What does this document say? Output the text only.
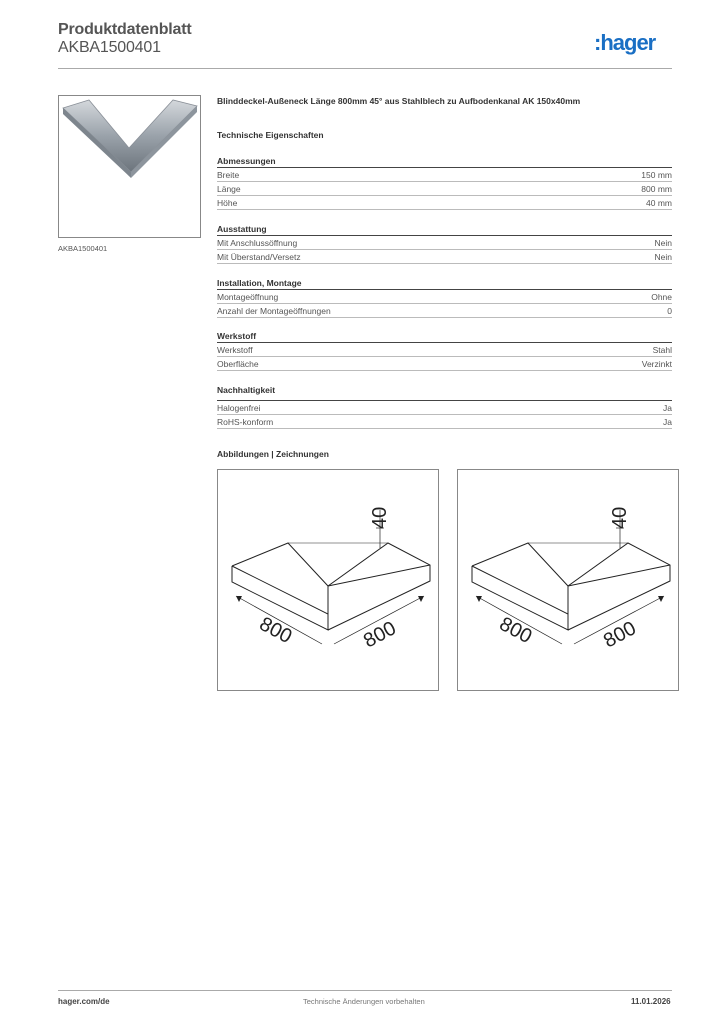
Produktdatenblatt
AKBA1500401	:hager
AKBA1500401
Blinddeckel-Außeneck Länge 800mm 45° aus Stahlblech zu Aufbodenkanal AK 150x40mm
Technische Eigenschaften
Abmessungen
Breite	150 mm
Länge	800 mm
Höhe	40 mm
Ausstattung
Mit Anschlussöffnung	Nein
Mit Überstand/Versetz	Nein
Installation, Montage
Montageöffnung	Ohne
Anzahl der Montageöffnungen	0
Werkstoff
Werkstoff	Stahl
Oberfläche	Verzinkt
Nachhaltigkeit
Halogenfrei	Ja
RoHS-konform	Ja
Abbildungen | Zeichnungen
40
800	800
40
800	800
hager.com/de	Technische Änderungen vorbehalten	11.01.2026
